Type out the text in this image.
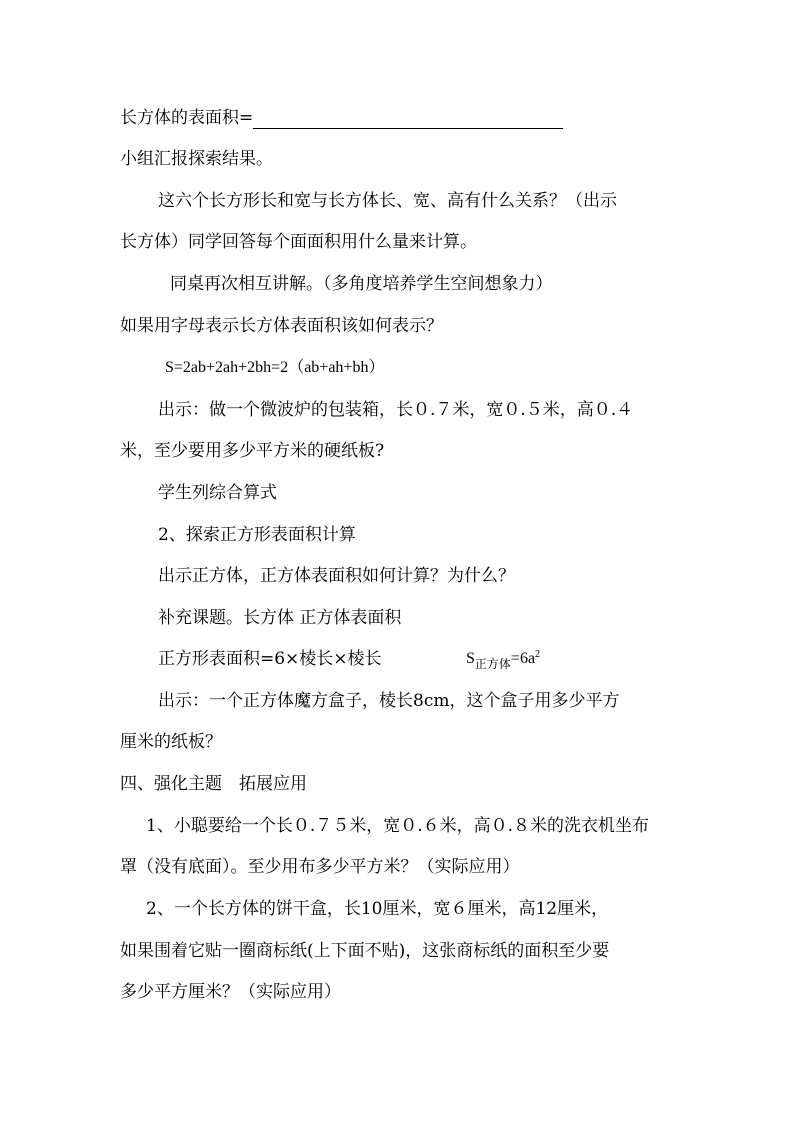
长方体的表面积=
小组汇报探索结果。
这六个长方形长和宽与长方体长、宽、高有什么关系？（出示
长方体）同学回答每个面面积用什么量来计算。
同桌再次相互讲解。（多角度培养学生空间想象力）
如果用字母表示长方体表面积该如何表示？
S=2ab+2ah+2bh=2（ab+ah+bh）
出示：做一个微波炉的包装箱，长０.７米，宽０.５米，高０.４
米，至少要用多少平方米的硬纸板?
学生列综合算式
2、探索正方形表面积计算
出示正方体，正方体表面积如何计算？为什么？
补充课题。长方体 正方体表面积
正方形表面积=6×棱长×棱长	$S_{正方体}=6a^2$
出示：一个正方体魔方盒子，棱长8cm，这个盒子用多少平方
厘米的纸板？
四、强化主题　拓展应用
1、小聪要给一个长０.７５米，宽０.６米，高０.８米的洗衣机坐布
罩（没有底面）。至少用布多少平方米？（实际应用）
2、一个长方体的饼干盒，长10厘米，宽６厘米，高12厘米，
如果围着它贴一圈商标纸(上下面不贴)，这张商标纸的面积至少要
多少平方厘米？（实际应用）
